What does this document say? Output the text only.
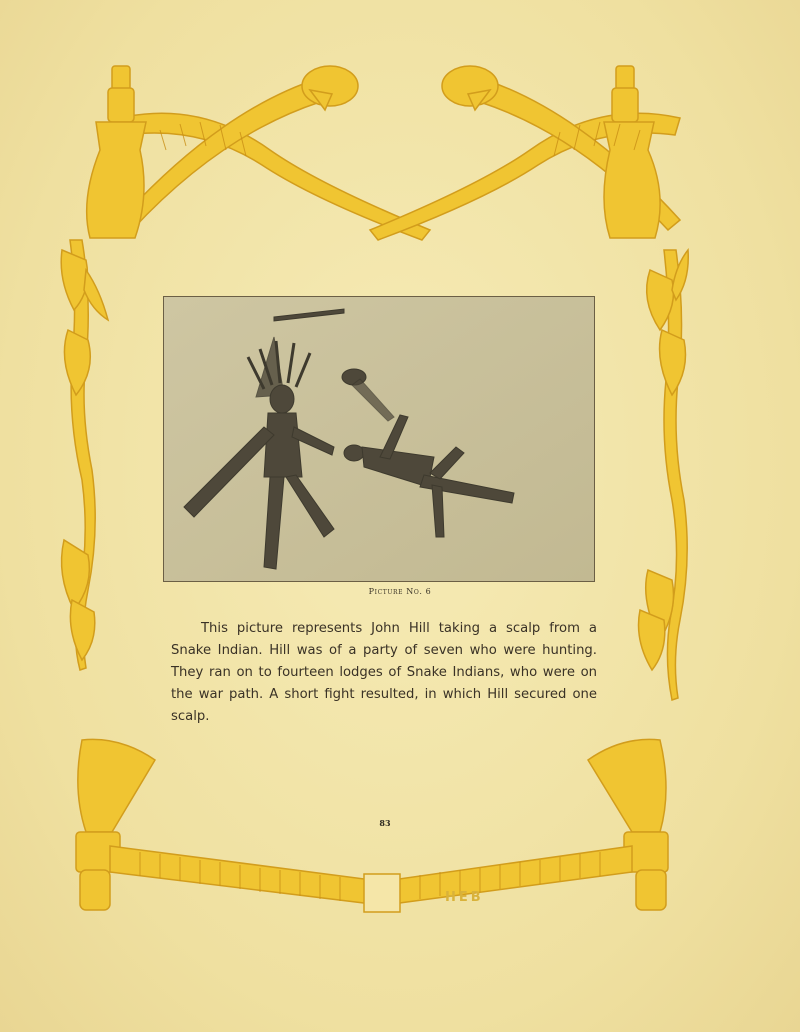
Picture No. 6

This picture represents John Hill taking a scalp from a Snake Indian. Hill was of a party of seven who were hunting. They ran on to fourteen lodges of Snake Indians, who were on the war path. A short fight resulted, in which Hill secured one scalp.

83
HEB
